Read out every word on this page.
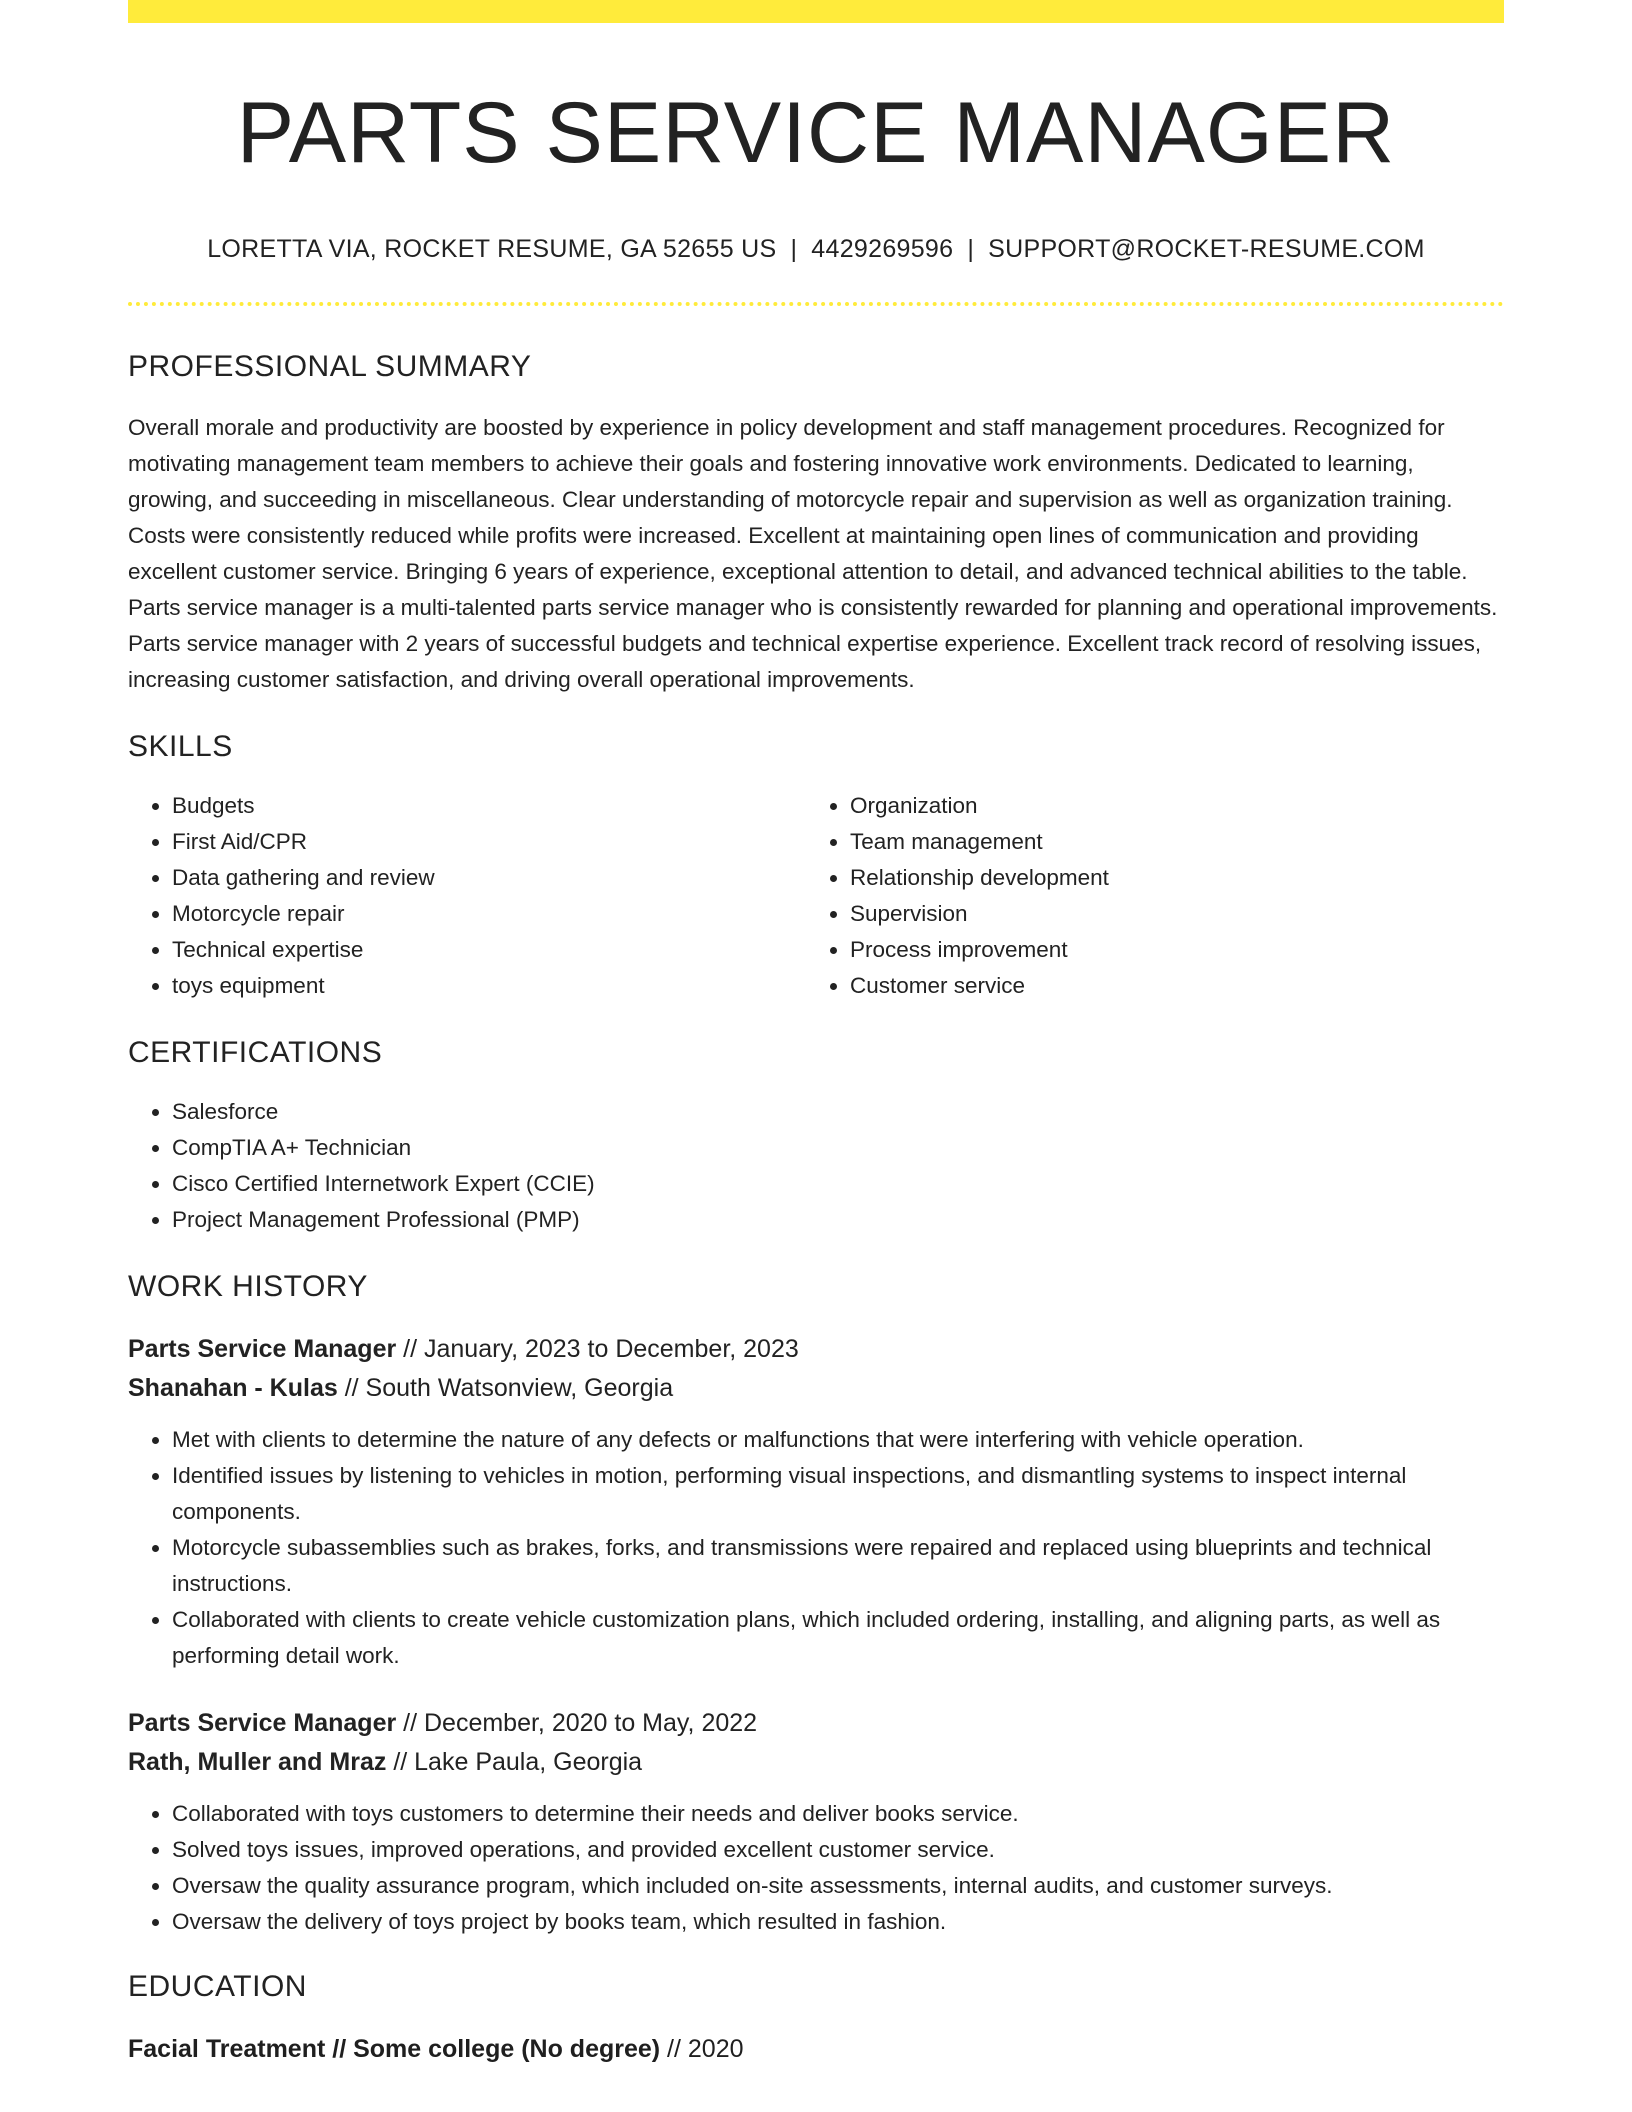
PARTS SERVICE MANAGER
LORETTA VIA, ROCKET RESUME, GA 52655 US | 4429269596 | SUPPORT@ROCKET-RESUME.COM
PROFESSIONAL SUMMARY

Overall morale and productivity are boosted by experience in policy development and staff management procedures. Recognized for motivating management team members to achieve their goals and fostering innovative work environments. Dedicated to learning, growing, and succeeding in miscellaneous. Clear understanding of motorcycle repair and supervision as well as organization training. Costs were consistently reduced while profits were increased. Excellent at maintaining open lines of communication and providing excellent customer service. Bringing 6 years of experience, exceptional attention to detail, and advanced technical abilities to the table. Parts service manager is a multi-talented parts service manager who is consistently rewarded for planning and operational improvements. Parts service manager with 2 years of successful budgets and technical expertise experience. Excellent track record of resolving issues, increasing customer satisfaction, and driving overall operational improvements.

SKILLS
• Budgets
• First Aid/CPR
• Data gathering and review
• Motorcycle repair
• Technical expertise
• toys equipment
• Organization
• Team management
• Relationship development
• Supervision
• Process improvement
• Customer service
CERTIFICATIONS
• Salesforce
• CompTIA A+ Technician
• Cisco Certified Internetwork Expert (CCIE)
• Project Management Professional (PMP)
WORK HISTORY
Parts Service Manager // January, 2023 to December, 2023
Shanahan - Kulas // South Watsonview, Georgia
• Met with clients to determine the nature of any defects or malfunctions that were interfering with vehicle operation.
• Identified issues by listening to vehicles in motion, performing visual inspections, and dismantling systems to inspect internal components.
• Motorcycle subassemblies such as brakes, forks, and transmissions were repaired and replaced using blueprints and technical instructions.
• Collaborated with clients to create vehicle customization plans, which included ordering, installing, and aligning parts, as well as performing detail work.
Parts Service Manager // December, 2020 to May, 2022
Rath, Muller and Mraz // Lake Paula, Georgia
• Collaborated with toys customers to determine their needs and deliver books service.
• Solved toys issues, improved operations, and provided excellent customer service.
• Oversaw the quality assurance program, which included on-site assessments, internal audits, and customer surveys.
• Oversaw the delivery of toys project by books team, which resulted in fashion.
EDUCATION
Facial Treatment // Some college (No degree) // 2020
